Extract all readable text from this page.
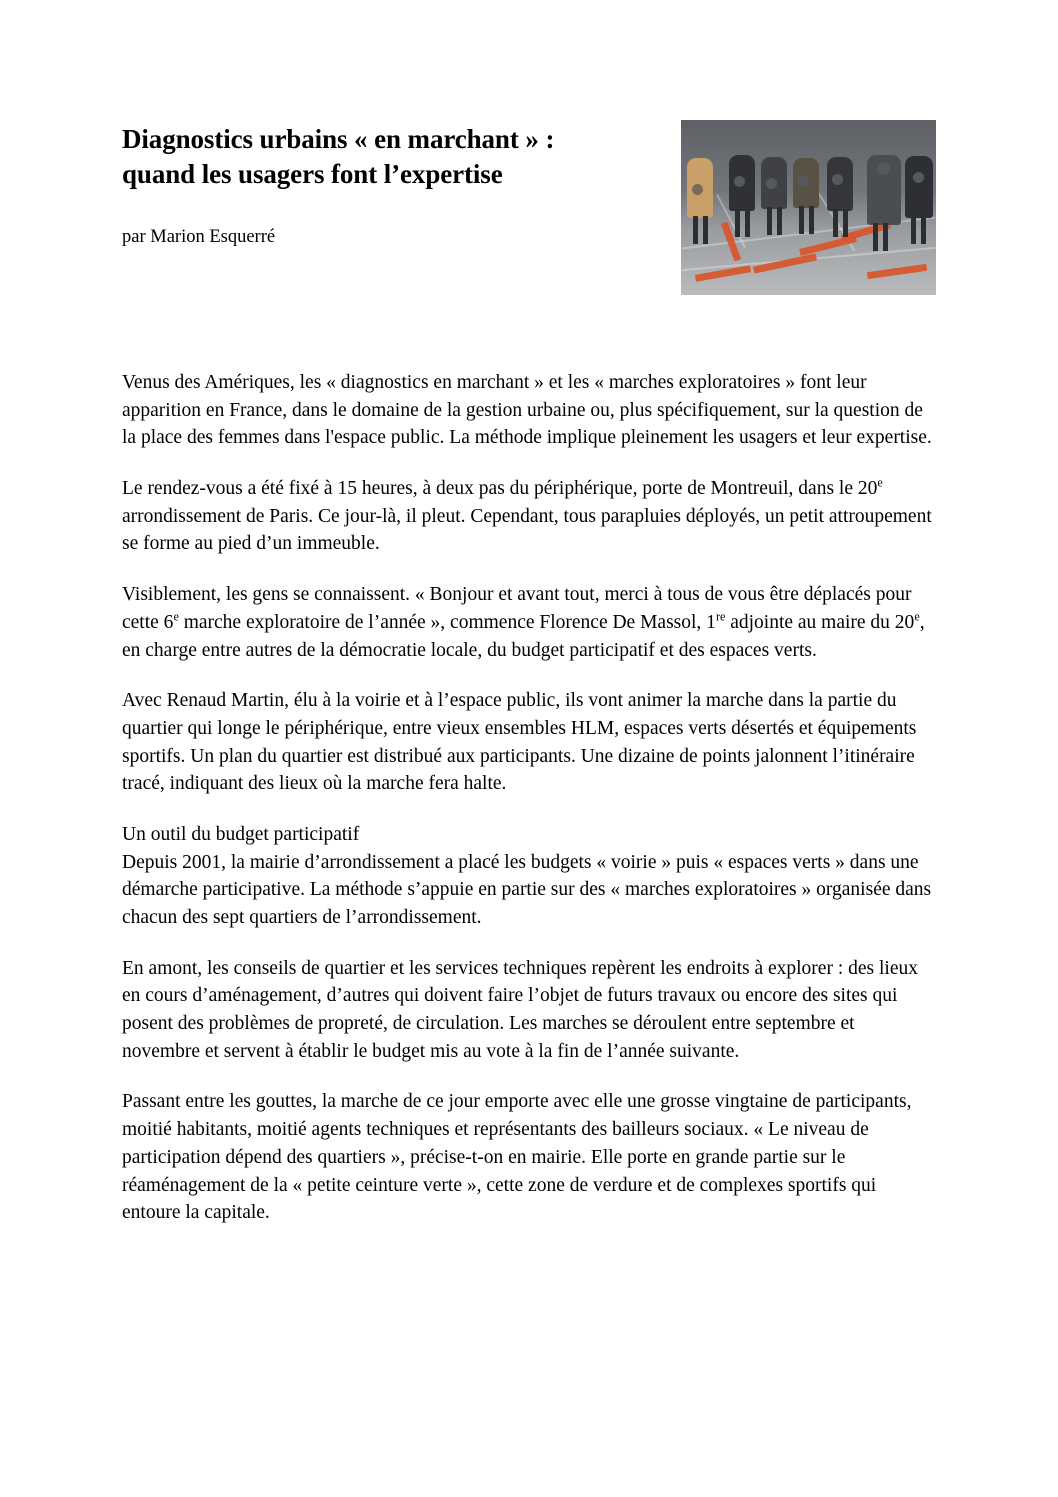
Diagnostics urbains « en marchant » :
quand les usagers font l’expertise
par Marion Esquerré

Venus des Amériques, les « diagnostics en marchant » et les « marches exploratoires » font leur apparition en France, dans le domaine de la gestion urbaine ou, plus spécifiquement, sur la question de la place des femmes dans l'espace public. La méthode implique pleinement les usagers et leur expertise.

Le rendez-vous a été fixé à 15 heures, à deux pas du périphérique, porte de Montreuil, dans le 20e arrondissement de Paris. Ce jour-là, il pleut. Cependant, tous parapluies déployés, un petit attroupement se forme au pied d’un immeuble.

Visiblement, les gens se connaissent. « Bonjour et avant tout, merci à tous de vous être déplacés pour cette 6e marche exploratoire de l’année », commence Florence De Massol, 1re adjointe au maire du 20e, en charge entre autres de la démocratie locale, du budget participatif et des espaces verts.

Avec Renaud Martin, élu à la voirie et à l’espace public, ils vont animer la marche dans la partie du quartier qui longe le périphérique, entre vieux ensembles HLM, espaces verts désertés et équipements sportifs. Un plan du quartier est distribué aux participants. Une dizaine de points jalonnent l’itinéraire tracé, indiquant des lieux où la marche fera halte.

Un outil du budget participatif

Depuis 2001, la mairie d’arrondissement a placé les budgets « voirie » puis « espaces verts » dans une démarche participative. La méthode s’appuie en partie sur des « marches exploratoires » organisée dans chacun des sept quartiers de l’arrondissement.

En amont, les conseils de quartier et les services techniques repèrent les endroits à explorer : des lieux en cours d’aménagement, d’autres qui doivent faire l’objet de futurs travaux ou encore des sites qui posent des problèmes de propreté, de circulation. Les marches se déroulent entre septembre et novembre et servent à établir le budget mis au vote à la fin de l’année suivante.

Passant entre les gouttes, la marche de ce jour emporte avec elle une grosse vingtaine de participants, moitié habitants, moitié agents techniques et représentants des bailleurs sociaux. « Le niveau de participation dépend des quartiers », précise-t-on en mairie. Elle porte en grande partie sur le réaménagement de la « petite ceinture verte », cette zone de verdure et de complexes sportifs qui entoure la capitale.
